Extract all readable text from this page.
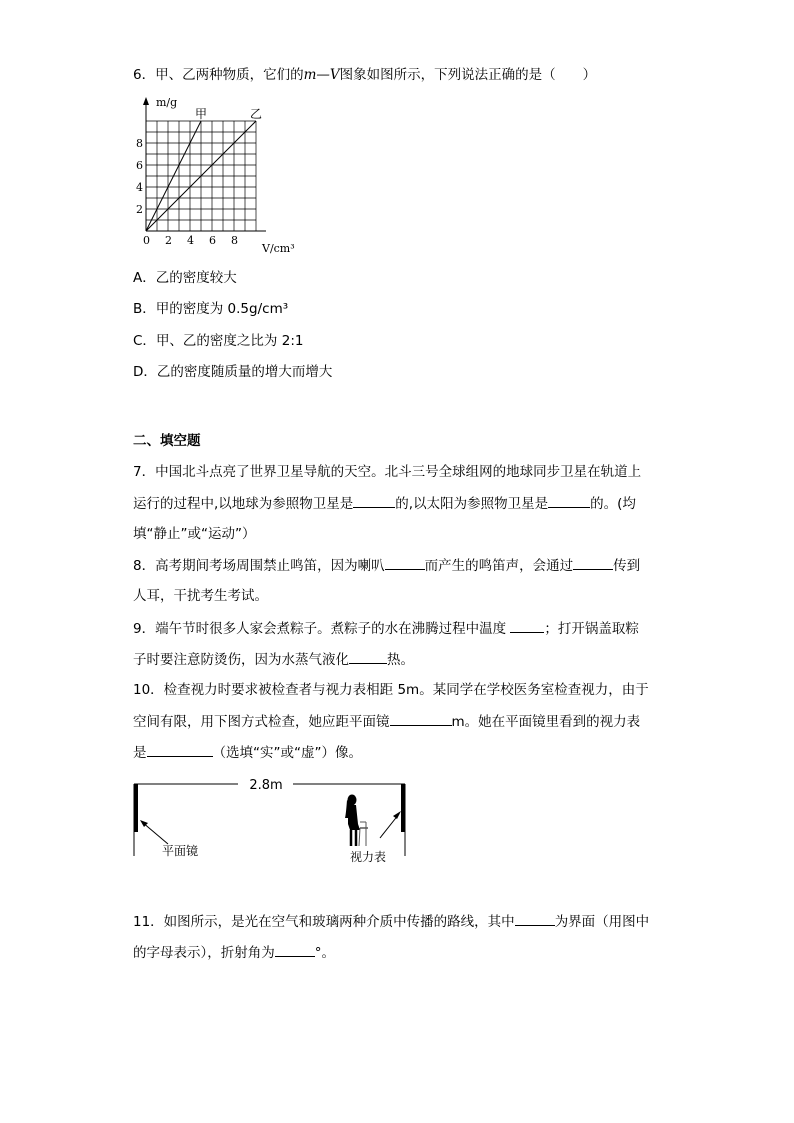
6．甲、乙两种物质，它们的m—V图象如图所示，下列说法正确的是（　　）
0 2 4 6 8
2
4
6
8
甲	乙
m/g
V/cm³
A．乙的密度较大
B．甲的密度为 0.5g/cm³
C．甲、乙的密度之比为 2:1
D．乙的密度随质量的增大而增大
二、填空题
7．中国北斗点亮了世界卫星导航的天空。北斗三号全球组网的地球同步卫星在轨道上
运行的过程中,以地球为参照物卫星是	的,以太阳为参照物卫星是	的。(均
填“静止”或“运动”）
8．高考期间考场周围禁止鸣笛，因为喇叭	而产生的鸣笛声，会通过	传到
人耳，干扰考生考试。
9．端午节时很多人家会煮粽子。煮粽子的水在沸腾过程中温度	；打开锅盖取粽
子时要注意防烫伤，因为水蒸气液化	热。
10．检查视力时要求被检查者与视力表相距 5m。某同学在学校医务室检查视力，由于
空间有限，用下图方式检查，她应距平面镜	m。她在平面镜里看到的视力表
是	（选填“实”或“虚”）像。
2.8m
平面镜	视力表
11．如图所示，是光在空气和玻璃两种介质中传播的路线，其中	为界面（用图中
的字母表示），折射角为	°。
